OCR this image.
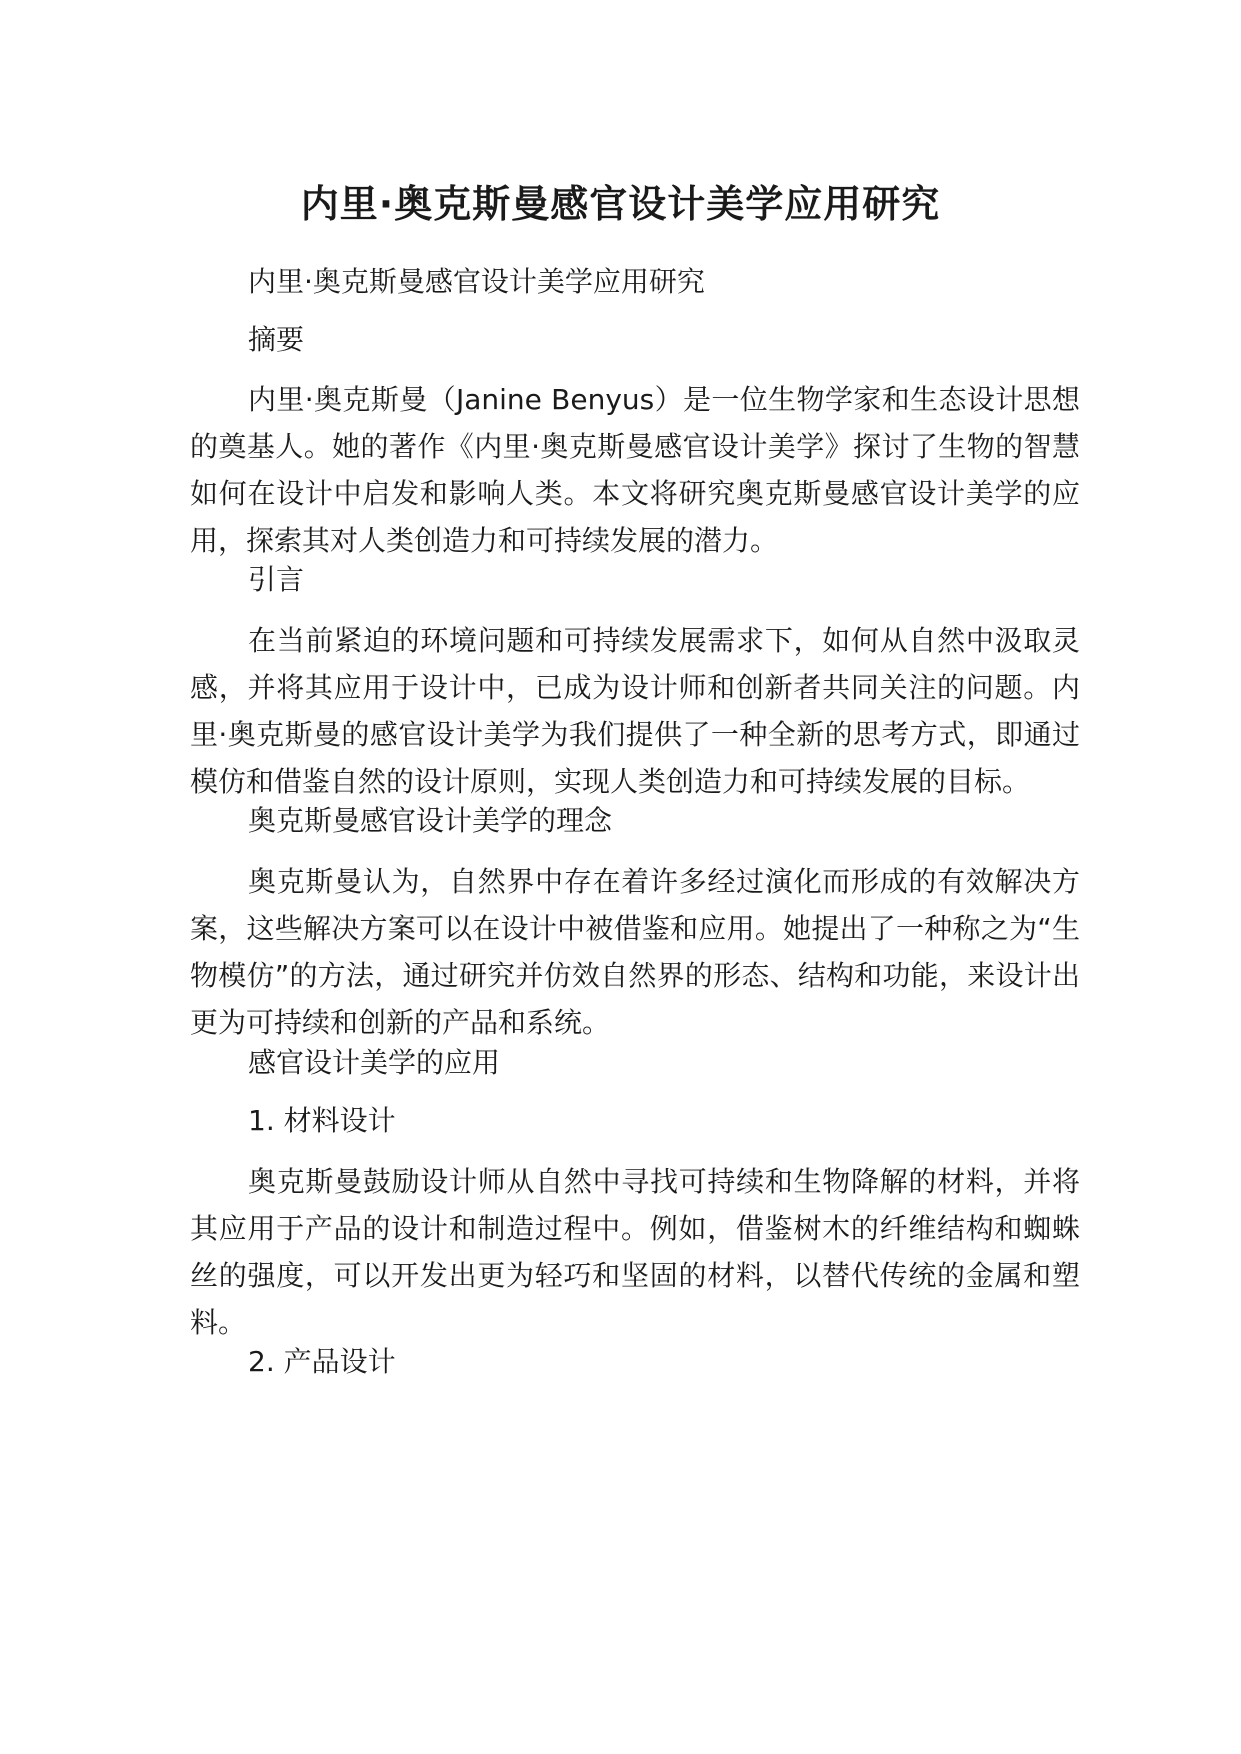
内里·奥克斯曼感官设计美学应用研究

内里·奥克斯曼感官设计美学应用研究

摘要

内里·奥克斯曼（Janine Benyus）是一位生物学家和生态设计思想的奠基人。她的著作《内里·奥克斯曼感官设计美学》探讨了生物的智慧如何在设计中启发和影响人类。本文将研究奥克斯曼感官设计美学的应用，探索其对人类创造力和可持续发展的潜力。

引言

在当前紧迫的环境问题和可持续发展需求下，如何从自然中汲取灵感，并将其应用于设计中，已成为设计师和创新者共同关注的问题。内里·奥克斯曼的感官设计美学为我们提供了一种全新的思考方式，即通过模仿和借鉴自然的设计原则，实现人类创造力和可持续发展的目标。

奥克斯曼感官设计美学的理念

奥克斯曼认为，自然界中存在着许多经过演化而形成的有效解决方案，这些解决方案可以在设计中被借鉴和应用。她提出了一种称之为“生物模仿”的方法，通过研究并仿效自然界的形态、结构和功能，来设计出更为可持续和创新的产品和系统。

感官设计美学的应用

1. 材料设计

奥克斯曼鼓励设计师从自然中寻找可持续和生物降解的材料，并将其应用于产品的设计和制造过程中。例如，借鉴树木的纤维结构和蜘蛛丝的强度，可以开发出更为轻巧和坚固的材料，以替代传统的金属和塑料。

2. 产品设计
